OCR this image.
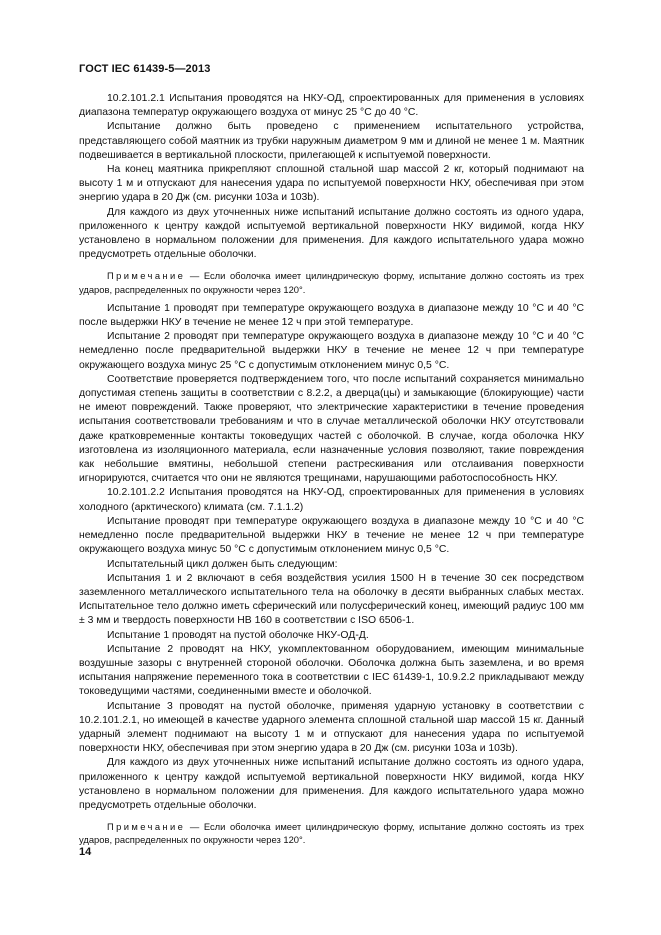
ГОСТ IEC 61439-5—2013

10.2.101.2.1 Испытания проводятся на НКУ-ОД, спроектированных для применения в условиях диапазона температур окружающего воздуха от минус 25 °С до 40 °С.

Испытание должно быть проведено с применением испытательного устройства, представляющего собой маятник из трубки наружным диаметром 9 мм и длиной не менее 1 м. Маятник подвешивается в вертикальной плоскости, прилегающей к испытуемой поверхности.

На конец маятника прикрепляют сплошной стальной шар массой 2 кг, который поднимают на высоту 1 м и отпускают для нанесения удара по испытуемой поверхности НКУ, обеспечивая при этом энергию удара в 20 Дж (см. рисунки 103а и 103b).

Для каждого из двух уточненных ниже испытаний испытание должно состоять из одного удара, приложенного к центру каждой испытуемой вертикальной поверхности НКУ видимой, когда НКУ установлено в нормальном положении для применения. Для каждого испытательного удара можно предусмотреть отдельные оболочки.

Примечание — Если оболочка имеет цилиндрическую форму, испытание должно состоять из трех ударов, распределенных по окружности через 120°.

Испытание 1 проводят при температуре окружающего воздуха в диапазоне между 10 °С и 40 °С после выдержки НКУ в течение не менее 12 ч при этой температуре.

Испытание 2 проводят при температуре окружающего воздуха в диапазоне между 10 °С и 40 °С немедленно после предварительной выдержки НКУ в течение не менее 12 ч при температуре окружающего воздуха минус 25 °С с допустимым отклонением минус 0,5 °С.

Соответствие проверяется подтверждением того, что после испытаний сохраняется минимально допустимая степень защиты в соответствии с 8.2.2, а дверца(цы) и замыкающие (блокирующие) части не имеют повреждений. Также проверяют, что электрические характеристики в течение проведения испытания соответствовали требованиям и что в случае металлической оболочки НКУ отсутствовали даже кратковременные контакты токоведущих частей с оболочкой. В случае, когда оболочка НКУ изготовлена из изоляционного материала, если назначенные условия позволяют, такие повреждения как небольшие вмятины, небольшой степени растрескивания или отслаивания поверхности игнорируются, считается что они не являются трещинами, нарушающими работоспособность НКУ.

10.2.101.2.2 Испытания проводятся на НКУ-ОД, спроектированных для применения в условиях холодного (арктического) климата (см. 7.1.1.2)

Испытание проводят при температуре окружающего воздуха в диапазоне между 10 °С и 40 °С немедленно после предварительной выдержки НКУ в течение не менее 12 ч при температуре окружающего воздуха минус 50 °С с допустимым отклонением минус 0,5 °С.

Испытательный цикл должен быть следующим:

Испытания 1 и 2 включают в себя воздействия усилия 1500 Н в течение 30 сек посредством заземленного металлического испытательного тела на оболочку в десяти выбранных слабых местах. Испытательное тело должно иметь сферический или полусферический конец, имеющий радиус 100 мм ± 3 мм и твердость поверхности НВ 160 в соответствии с ISO 6506-1.

Испытание 1 проводят на пустой оболочке НКУ-ОД-Д.

Испытание 2 проводят на НКУ, укомплектованном оборудованием, имеющим минимальные воздушные зазоры с внутренней стороной оболочки. Оболочка должна быть заземлена, и во время испытания напряжение переменного тока в соответствии с IEC 61439-1, 10.9.2.2 прикладывают между токоведущими частями, соединенными вместе и оболочкой.

Испытание 3 проводят на пустой оболочке, применяя ударную установку в соответствии с 10.2.101.2.1, но имеющей в качестве ударного элемента сплошной стальной шар массой 15 кг. Данный ударный элемент поднимают на высоту 1 м и отпускают для нанесения удара по испытуемой поверхности НКУ, обеспечивая при этом энергию удара в 20 Дж (см. рисунки 103а и 103b).

Для каждого из двух уточненных ниже испытаний испытание должно состоять из одного удара, приложенного к центру каждой испытуемой вертикальной поверхности НКУ видимой, когда НКУ установлено в нормальном положении для применения. Для каждого испытательного удара можно предусмотреть отдельные оболочки.

Примечание — Если оболочка имеет цилиндрическую форму, испытание должно состоять из трех ударов, распределенных по окружности через 120°.

14
